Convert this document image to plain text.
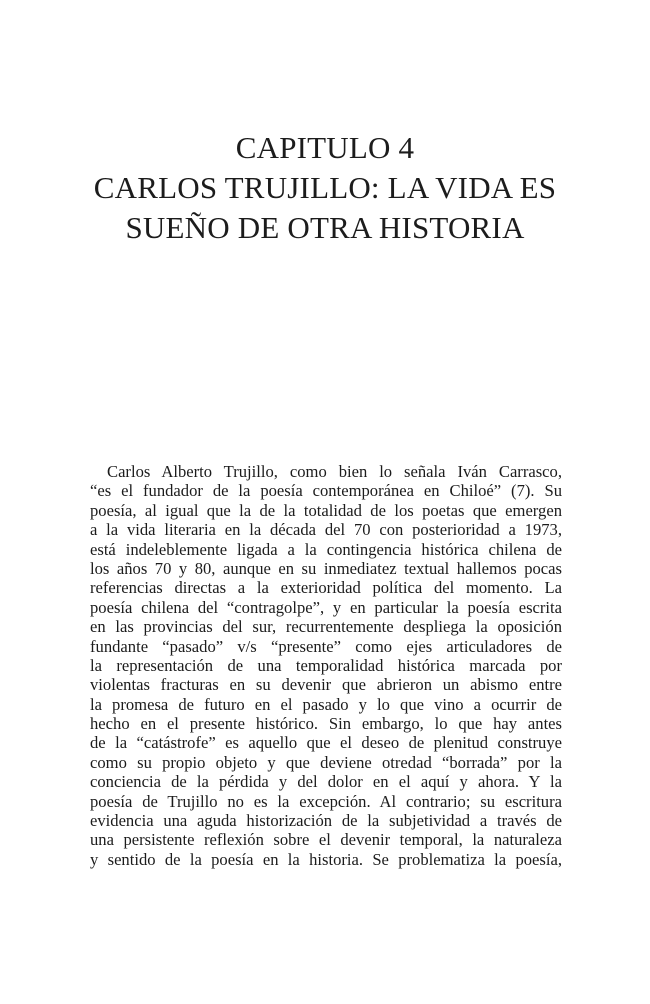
CAPITULO 4
CARLOS TRUJILLO: LA VIDA ES
SUEÑO DE OTRA HISTORIA
Carlos Alberto Trujillo, como bien lo señala Iván Carrasco,
“es el fundador de la poesía contemporánea en Chiloé” (7). Su
poesía, al igual que la de la totalidad de los poetas que emergen
a la vida literaria en la década del 70 con posterioridad a 1973,
está indeleblemente ligada a la contingencia histórica chilena de
los años 70 y 80, aunque en su inmediatez textual hallemos pocas
referencias directas a la exterioridad política del momento. La
poesía chilena del “contragolpe”, y en particular la poesía escrita
en las provincias del sur, recurrentemente despliega la oposición
fundante “pasado” v/s “presente” como ejes articuladores de
la representación de una temporalidad histórica marcada por
violentas fracturas en su devenir que abrieron un abismo entre
la promesa de futuro en el pasado y lo que vino a ocurrir de
hecho en el presente histórico. Sin embargo, lo que hay antes
de la “catástrofe” es aquello que el deseo de plenitud construye
como su propio objeto y que deviene otredad “borrada” por la
conciencia de la pérdida y del dolor en el aquí y ahora. Y la
poesía de Trujillo no es la excepción. Al contrario; su escritura
evidencia una aguda historización de la subjetividad a través de
una persistente reflexión sobre el devenir temporal, la naturaleza
y sentido de la poesía en la historia. Se problematiza la poesía,
